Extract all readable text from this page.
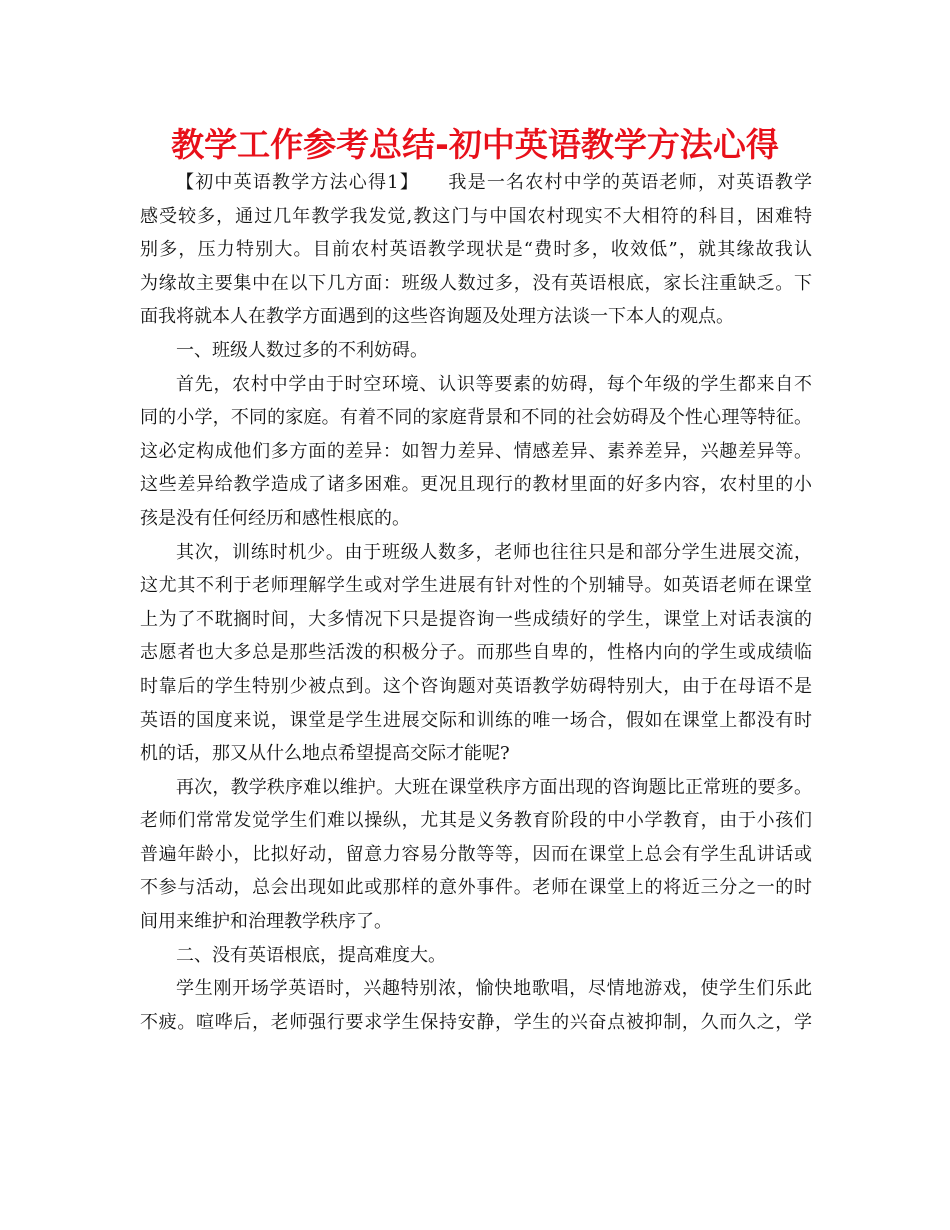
教学工作参考总结-初中英语教学方法心得
【初中英语教学方法心得1】　　我是一名农村中学的英语老师，对英语教学
感受较多，通过几年教学我发觉,教这门与中国农村现实不大相符的科目，困难特
别多，压力特别大。目前农村英语教学现状是“费时多，收效低”，就其缘故我认
为缘故主要集中在以下几方面：班级人数过多，没有英语根底，家长注重缺乏。下
面我将就本人在教学方面遇到的这些咨询题及处理方法谈一下本人的观点。
一、班级人数过多的不利妨碍。
首先，农村中学由于时空环境、认识等要素的妨碍，每个年级的学生都来自不
同的小学，不同的家庭。有着不同的家庭背景和不同的社会妨碍及个性心理等特征。
这必定构成他们多方面的差异：如智力差异、情感差异、素养差异，兴趣差异等。
这些差异给教学造成了诸多困难。更况且现行的教材里面的好多内容，农村里的小
孩是没有任何经历和感性根底的。
其次，训练时机少。由于班级人数多，老师也往往只是和部分学生进展交流，
这尤其不利于老师理解学生或对学生进展有针对性的个别辅导。如英语老师在课堂
上为了不耽搁时间，大多情况下只是提咨询一些成绩好的学生，课堂上对话表演的
志愿者也大多总是那些活泼的积极分子。而那些自卑的，性格内向的学生或成绩临
时靠后的学生特别少被点到。这个咨询题对英语教学妨碍特别大，由于在母语不是
英语的国度来说，课堂是学生进展交际和训练的唯一场合，假如在课堂上都没有时
机的话，那又从什么地点希望提高交际才能呢?
再次，教学秩序难以维护。大班在课堂秩序方面出现的咨询题比正常班的要多。
老师们常常发觉学生们难以操纵，尤其是义务教育阶段的中小学教育，由于小孩们
普遍年龄小，比拟好动，留意力容易分散等等，因而在课堂上总会有学生乱讲话或
不参与活动，总会出现如此或那样的意外事件。老师在课堂上的将近三分之一的时
间用来维护和治理教学秩序了。
二、没有英语根底，提高难度大。
学生刚开场学英语时，兴趣特别浓，愉快地歌唱，尽情地游戏，使学生们乐此
不疲。喧哗后，老师强行要求学生保持安静，学生的兴奋点被抑制，久而久之，学
